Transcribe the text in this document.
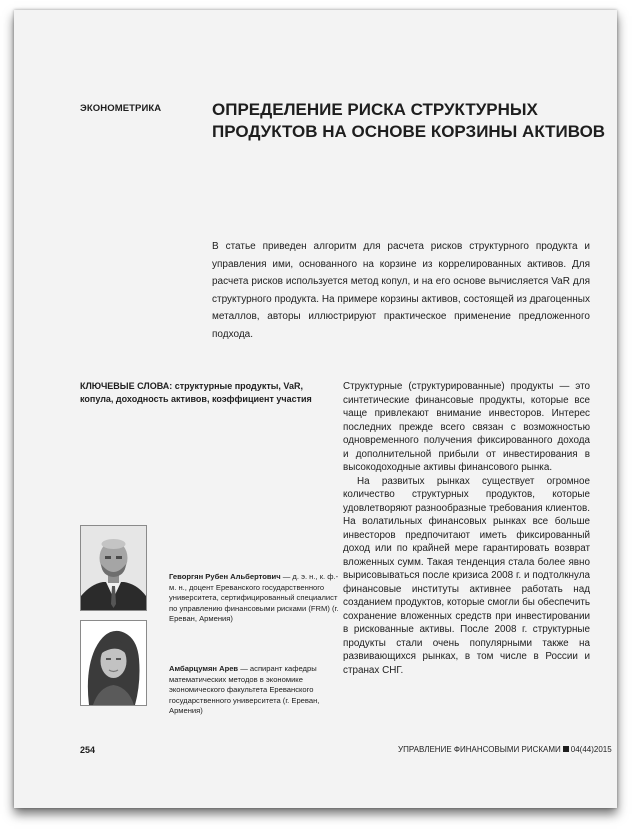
ЭКОНОМЕТРИКА	ОПРЕДЕЛЕНИЕ РИСКА СТРУКТУРНЫХ
ПРОДУКТОВ НА ОСНОВЕ КОРЗИНЫ АКТИВОВ
В статье приведен алгоритм для расчета рисков структурного продукта и управления ими, основанного на корзине из коррелированных активов. Для расчета рисков используется метод копул, и на его основе вычисляется VaR для структурного продукта. На примере корзины активов, состоящей из драгоценных металлов, авторы иллюстрируют практическое применение предложенного подхода.
КЛЮЧЕВЫЕ СЛОВА: структурные продукты, VaR, копула, доходность активов, коэффициент участия

Структурные (структурированные) продукты — это синтетические финансовые продукты, которые все чаще привлекают внимание инвесторов. Интерес последних прежде всего связан с возможностью одновременного получения фиксированного дохода и дополнительной прибыли от инвестирования в высокодоходные активы финансового рынка.

На развитых рынках существует огромное количество структурных продуктов, которые удовлетворяют разнообразные требования клиентов. На волатильных финансовых рынках все больше инвесторов предпочитают иметь фиксированный доход или по крайней мере гарантировать возврат вложенных сумм. Такая тенденция стала более явно вырисовываться после кризиса 2008 г. и подтолкнула финансовые институты активнее работать над созданием продуктов, которые смогли бы обеспечить сохранение вложенных средств при инвестировании в рискованные активы. После 2008 г. структурные продукты стали очень популярными также на развивающихся рынках, в том числе в России и странах СНГ.

Геворгян Рубен Альбертович — д. э. н., к. ф.-м. н., доцент Ереванского государственного университета, сертифицированный специалист по управлению финансовыми рисками (FRM) (г. Ереван, Армения)
Амбарцумян Арев — аспирант кафедры математических методов в экономике экономического факультета Ереванского государственного университета (г. Ереван, Армения)
254	УПРАВЛЕНИЕ ФИНАНСОВЫМИ РИСКАМИ 04(44)2015
